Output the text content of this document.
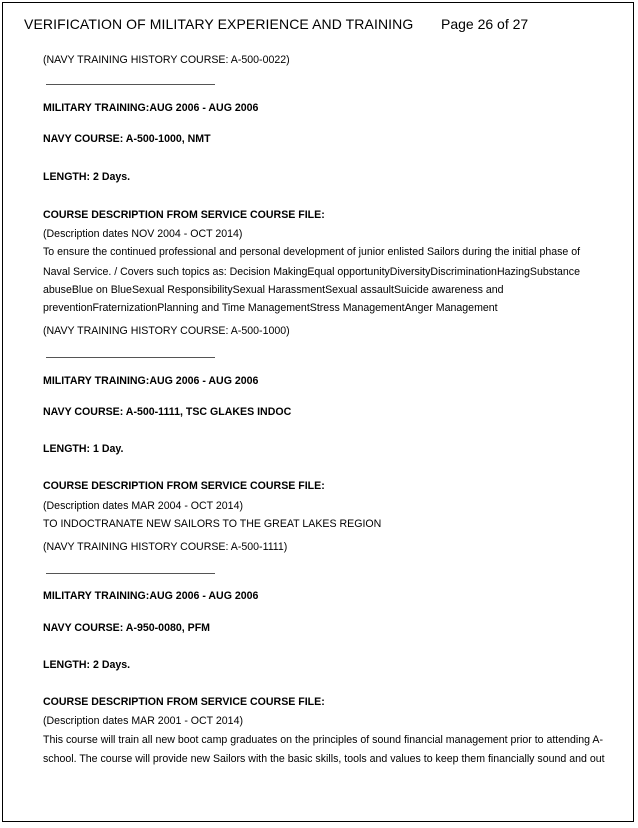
VERIFICATION OF MILITARY EXPERIENCE AND TRAINING Page 26 of 27
(NAVY TRAINING HISTORY COURSE: A-500-0022)
MILITARY TRAINING:AUG 2006 - AUG 2006
NAVY COURSE: A-500-1000, NMT
LENGTH: 2 Days.
COURSE DESCRIPTION FROM SERVICE COURSE FILE:
(Description dates NOV 2004 - OCT 2014)
To ensure the continued professional and personal development of junior enlisted Sailors during the initial phase of
Naval Service. / Covers such topics as: Decision MakingEqual opportunityDiversityDiscriminationHazingSubstance
abuseBlue on BlueSexual ResponsibilitySexual HarassmentSexual assaultSuicide awareness and
preventionFraternizationPlanning and Time ManagementStress ManagementAnger Management
(NAVY TRAINING HISTORY COURSE: A-500-1000)
MILITARY TRAINING:AUG 2006 - AUG 2006
NAVY COURSE: A-500-1111, TSC GLAKES INDOC
LENGTH: 1 Day.
COURSE DESCRIPTION FROM SERVICE COURSE FILE:
(Description dates MAR 2004 - OCT 2014)
TO INDOCTRANATE NEW SAILORS TO THE GREAT LAKES REGION
(NAVY TRAINING HISTORY COURSE: A-500-1111)
MILITARY TRAINING:AUG 2006 - AUG 2006
NAVY COURSE: A-950-0080, PFM
LENGTH: 2 Days.
COURSE DESCRIPTION FROM SERVICE COURSE FILE:
(Description dates MAR 2001 - OCT 2014)
This course will train all new boot camp graduates on the principles of sound financial management prior to attending A-
school. The course will provide new Sailors with the basic skills, tools and values to keep them financially sound and out
